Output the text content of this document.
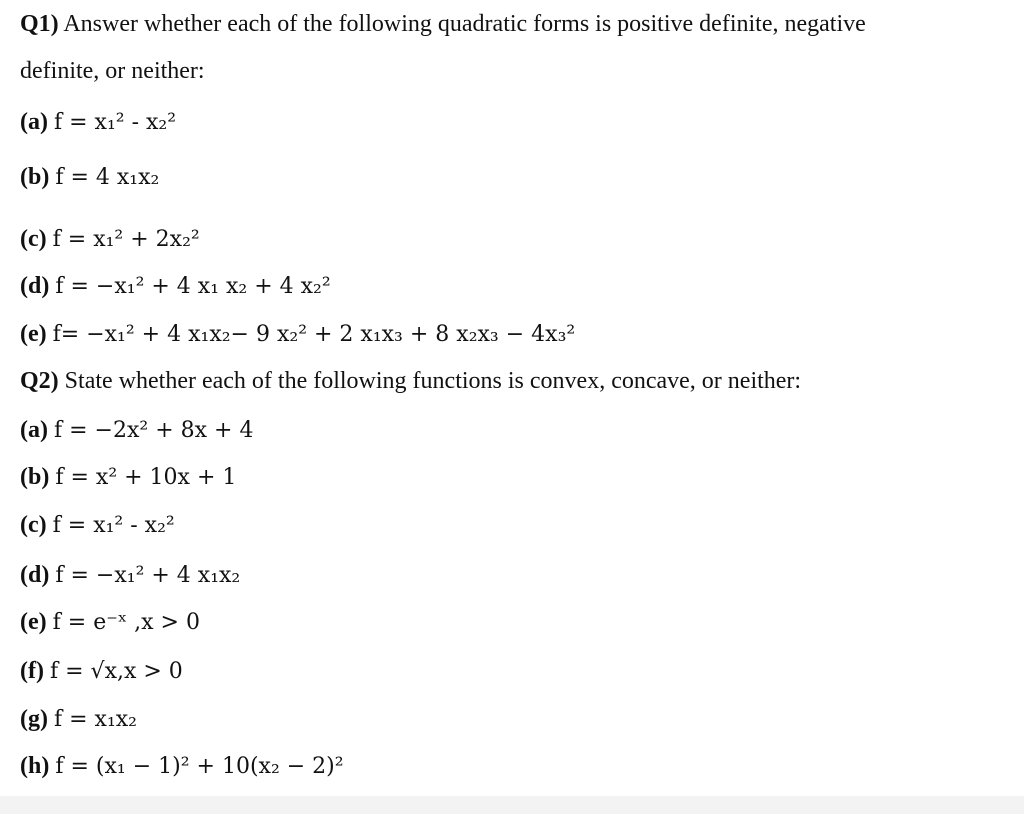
Q1) Answer whether each of the following quadratic forms is positive definite, negative
definite, or neither:
(a) f = x₁² - x₂²
(b) f = 4 x₁x₂
(c) f = x₁² + 2x₂²
(d) f = −x₁² + 4 x₁ x₂ + 4 x₂²
(e) f= −x₁² + 4 x₁x₂− 9 x₂² + 2 x₁x₃ + 8 x₂x₃ − 4x₃²
Q2) State whether each of the following functions is convex, concave, or neither:
(a) f = −2x² + 8x + 4
(b) f = x² + 10x + 1
(c) f = x₁² - x₂²
(d) f = −x₁² + 4 x₁x₂
(e) f = e⁻ˣ ,x > 0
(f) f = √x,x > 0
(g) f = x₁x₂
(h) f = (x₁ − 1)² + 10(x₂ − 2)²
